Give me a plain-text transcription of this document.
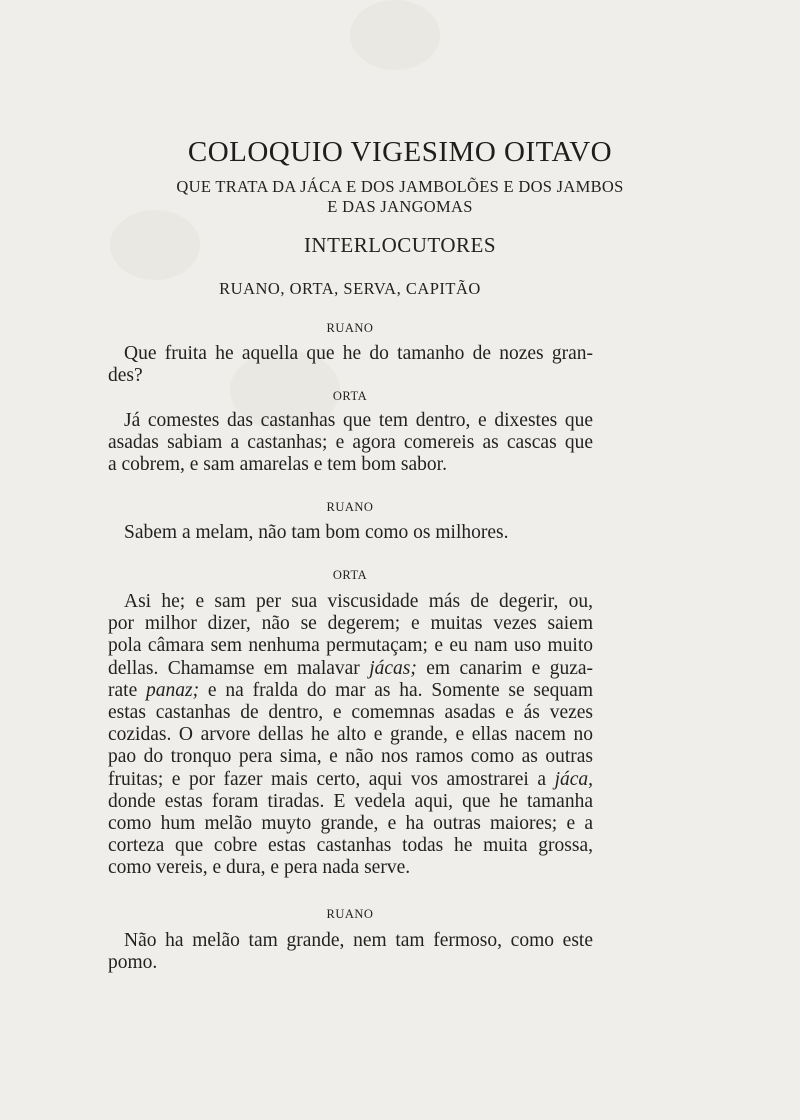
COLOQUIO VIGESIMO OITAVO
QUE TRATA DA JÁCA E DOS JAMBOLÕES E DOS JAMBOS
E DAS JANGOMAS
INTERLOCUTORES
RUANO, ORTA, SERVA, CAPITÃO
RUANO
Que fruita he aquella que he do tamanho de nozes gran-
des?
ORTA
Já comestes das castanhas que tem dentro, e dixestes que
asadas sabiam a castanhas; e agora comereis as cascas que
a cobrem, e sam amarelas e tem bom sabor.
RUANO
Sabem a melam, não tam bom como os milhores.
ORTA
Asi he; e sam per sua viscusidade más de degerir, ou,
por milhor dizer, não se degerem; e muitas vezes saiem
pola câmara sem nenhuma permutaçam; e eu nam uso muito
dellas. Chamamse em malavar jácas; em canarim e guza-
rate panaz; e na fralda do mar as ha. Somente se sequam
estas castanhas de dentro, e comemnas asadas e ás vezes
cozidas. O arvore dellas he alto e grande, e ellas nacem no
pao do tronquo pera sima, e não nos ramos como as outras
fruitas; e por fazer mais certo, aqui vos amostrarei a jáca,
donde estas foram tiradas. E vedela aqui, que he tamanha
como hum melão muyto grande, e ha outras maiores; e a
corteza que cobre estas castanhas todas he muita grossa,
como vereis, e dura, e pera nada serve.
RUANO
Não ha melão tam grande, nem tam fermoso, como este
pomo.
